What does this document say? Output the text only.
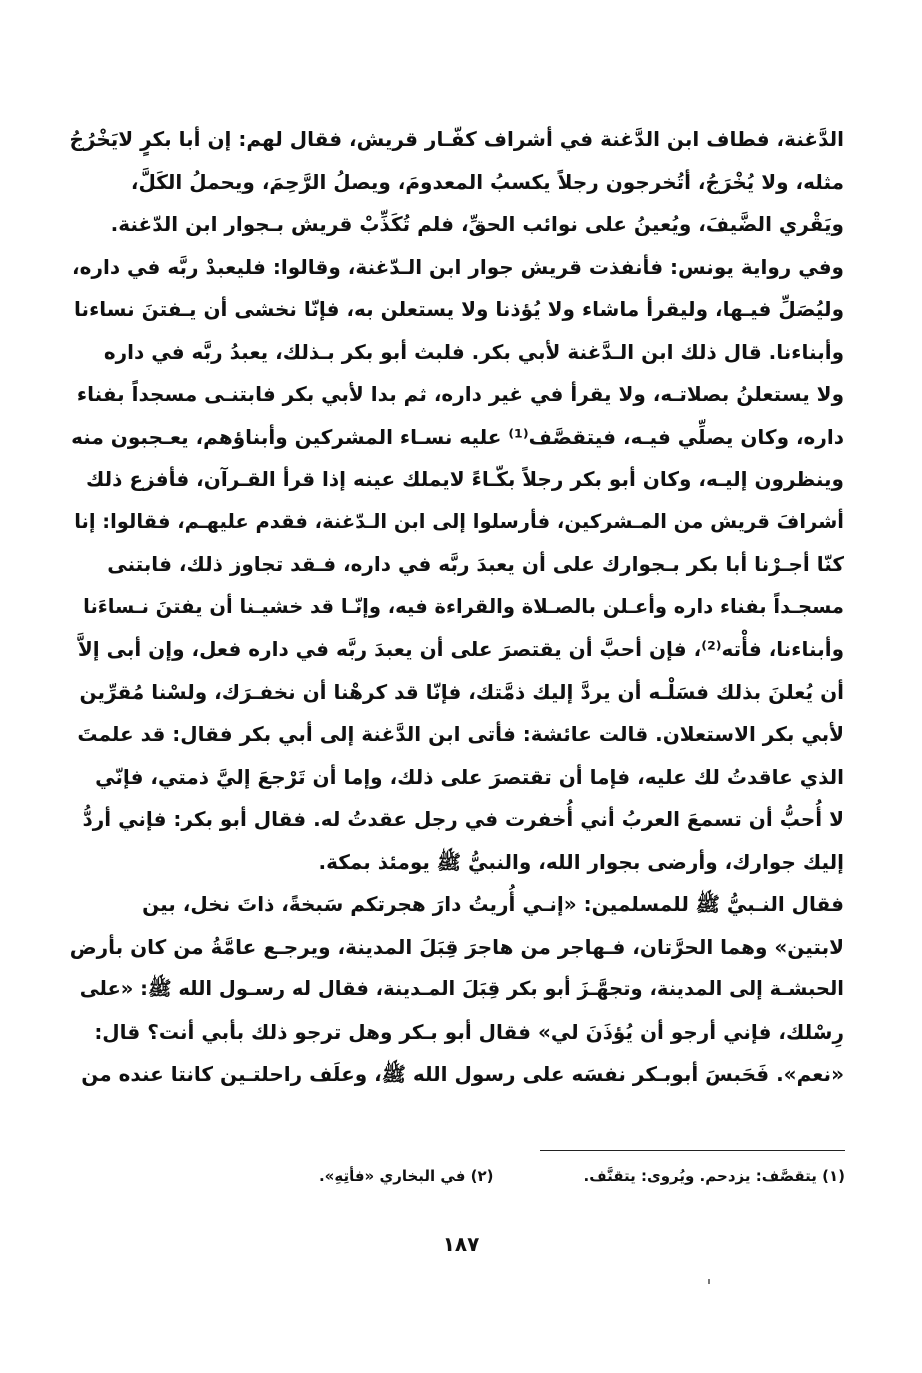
الدَّغنة، فطاف ابن الدَّغنة في أشراف كفّـار قريش، فقال لهم: إن أبا بكرٍ لايَخْرُجُ
مثله، ولا يُخْرَجُ، أتُخرجون رجلاً يكسبُ المعدومَ، ويصلُ الرَّحِمَ، ويحملُ الكَلَّ،
ويَقْري الضَّيفَ، ويُعينُ على نوائب الحقِّ، فلم تُكَذِّبْ قريش بـجوار ابن الدّغنة.
وفي رواية يونس: فأنفذت قريش جوار ابن الـدّغنة، وقالوا: فليعبدْ ربَّه في داره،
وليُصَلِّ فيـها، وليقرأ ماشاء ولا يُؤذنا ولا يستعلن به، فإنّا نخشى أن يـفتنَ نساءنا
وأبناءنا. قال ذلك ابن الـدَّغنة لأبي بكر. فلبث أبو بكر بـذلك، يعبدُ ربَّه في داره
ولا يستعلنُ بصلاتـه، ولا يقرأ في غير داره، ثم بدا لأبي بكر فابتنـى مسجداً بفناء
داره، وكان يصلِّي فيـه، فيتقصَّف⁽¹⁾ عليه نسـاء المشركين وأبناؤهم، يعـجبون منه
وينظرون إليـه، وكان أبو بكر رجلاً بكّـاءً لايملك عينه إذا قرأ القـرآن، فأفزع ذلك
أشرافَ قريش من المـشركين، فأرسلوا إلى ابن الـدّغنة، فقدم عليهـم، فقالوا: إنا
كنّا أجـرْنا أبا بكر بـجوارك على أن يعبدَ ربَّه في داره، فـقد تجاوز ذلك، فابتنى
مسجـداً بفناء داره وأعـلن بالصـلاة والقراءة فيه، وإنّـا قد خشيـنا أن يفتنَ نـساءَنا
وأبناءنا، فأْته⁽²⁾، فإن أحبَّ أن يقتصرَ على أن يعبدَ ربَّه في داره فعل، وإن أبى إلاَّ
أن يُعلنَ بذلك فسَلْـه أن يردَّ إليك ذمَّتك، فإنّا قد كرهْنا أن نخفـرَك، ولسْنا مُقرِّين
لأبي بكر الاستعلان. قالت عائشة: فأتى ابن الدَّغنة إلى أبي بكر فقال: قد علمتَ
الذي عاقدتُ لك عليه، فإما أن تقتصرَ على ذلك، وإما أن تَرْجعَ إليَّ ذمتي، فإنّي
لا أُحبُّ أن تسمعَ العربُ أني أُخفرت في رجل عقدتُ له. فقال أبو بكر: فإني أردُّ
إليك جوارك، وأرضى بجوار الله، والنبيُّ ﷺ يومئذ بمكة.
فقال النـبيُّ ﷺ للمسلمين: «إنـي أُريتُ دارَ هجرتكم سَبخةً، ذاتَ نخل، بين
لابتين» وهما الحرَّتان، فـهاجر من هاجرَ قِبَلَ المدينة، ويرجـع عامَّةُ من كان بأرض
الحبشـة إلى المدينة، وتجهَّـزَ أبو بكر قِبَلَ المـدينة، فقال له رسـول الله ﷺ: «على
رِسْلك، فإني أرجو أن يُؤذَنَ لي» فقال أبو بـكر وهل ترجو ذلك بأبي أنت؟ قال:
«نعم». فَحَبسَ أبوبـكر نفسَه على رسول الله ﷺ، وعلَف راحلتـين كانتا عنده من
(١) يتقصَّف: يزدحم. ويُروى: يتقنَّف.
(٢) في البخاري «فأتِهِ».
١٨٧
